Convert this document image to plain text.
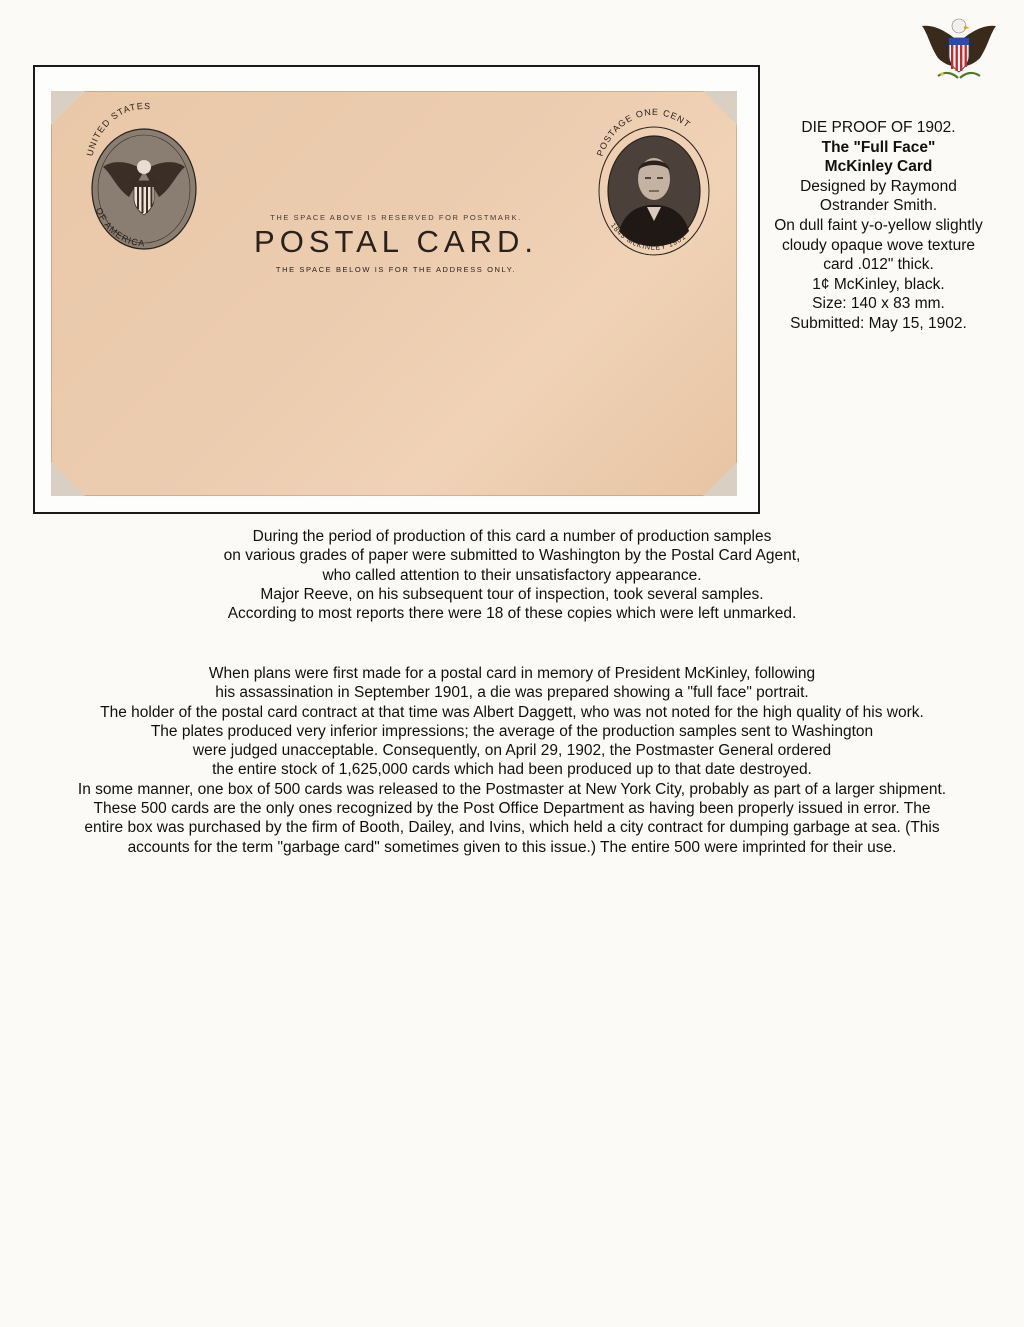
UNITED STATES
OF AMERICA
THE SPACE ABOVE IS RESERVED FOR POSTMARK.
POSTAL CARD.
THE SPACE BELOW IS FOR THE ADDRESS ONLY.
POSTAGE ONE CENT
1843 McKINLEY 1901
DIE PROOF OF 1902.
The "Full Face"
McKinley Card
Designed by Raymond
Ostrander Smith.
On dull faint y-o-yellow slightly
cloudy opaque wove texture
card .012" thick.
1¢ McKinley, black.
Size: 140 x 83 mm.
Submitted: May 15, 1902.
During the period of production of this card a number of production samples
on various grades of paper were submitted to Washington by the Postal Card Agent,
who called attention to their unsatisfactory appearance.
Major Reeve, on his subsequent tour of inspection, took several samples.
According to most reports there were 18 of these copies which were left unmarked.
When plans were first made for a postal card in memory of President McKinley, following
his assassination in September 1901, a die was prepared showing a "full face" portrait.
The holder of the postal card contract at that time was Albert Daggett, who was not noted for the high quality of his work.
The plates produced very inferior impressions; the average of the production samples sent to Washington
were judged unacceptable. Consequently, on April 29, 1902, the Postmaster General ordered
the entire stock of 1,625,000 cards which had been produced up to that date destroyed.
In some manner, one box of 500 cards was released to the Postmaster at New York City, probably as part of a larger shipment.
These 500 cards are the only ones recognized by the Post Office Department as having been properly issued in error. The
entire box was purchased by the firm of Booth, Dailey, and Ivins, which held a city contract for dumping garbage at sea. (This
accounts for the term "garbage card" sometimes given to this issue.) The entire 500 were imprinted for their use.
